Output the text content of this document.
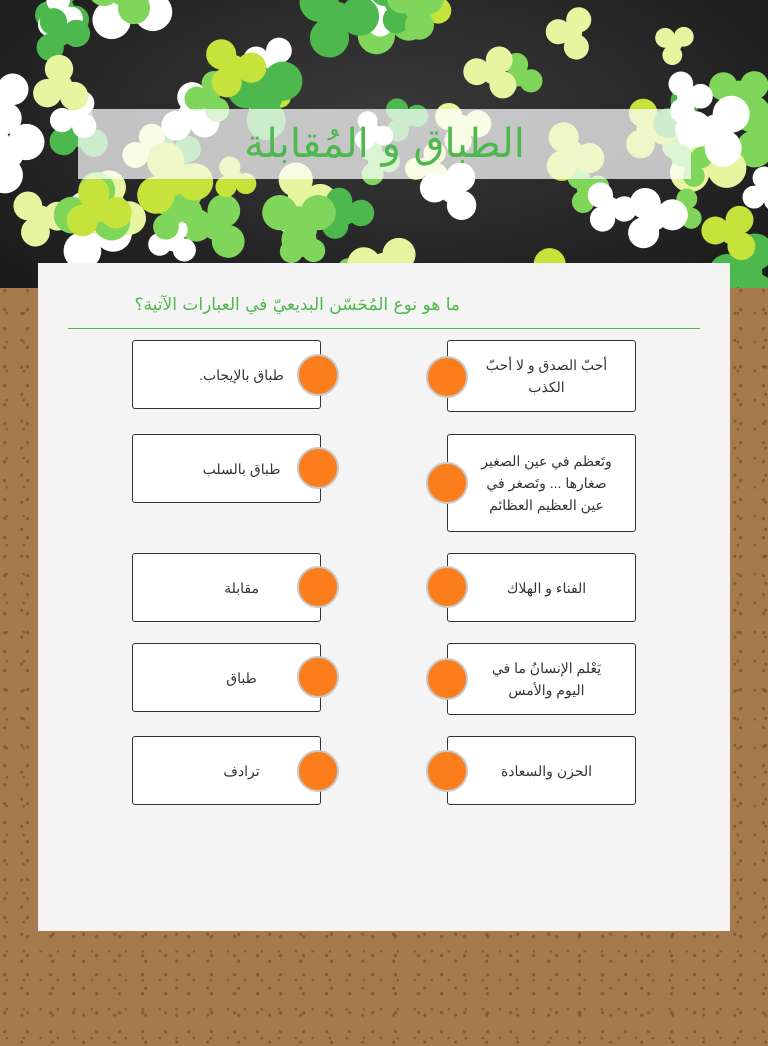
الطباق و المُقابلة
ما هو نوع المُحَسّن البديعيّ في العبارات الآتية؟
أحبّ الصدق و لا أحبّ الكذب
وتَعظم في عين الصغير صغارها ... وتَصغر في عين العظيم العظائم
الفناء و الهلاك
يَعْلم الإنسانُ ما في اليوم والأمس
الحزن والسعادة
طباق بالإيجاب.
طباق بالسلب
مقابلة
طباق
ترادف
